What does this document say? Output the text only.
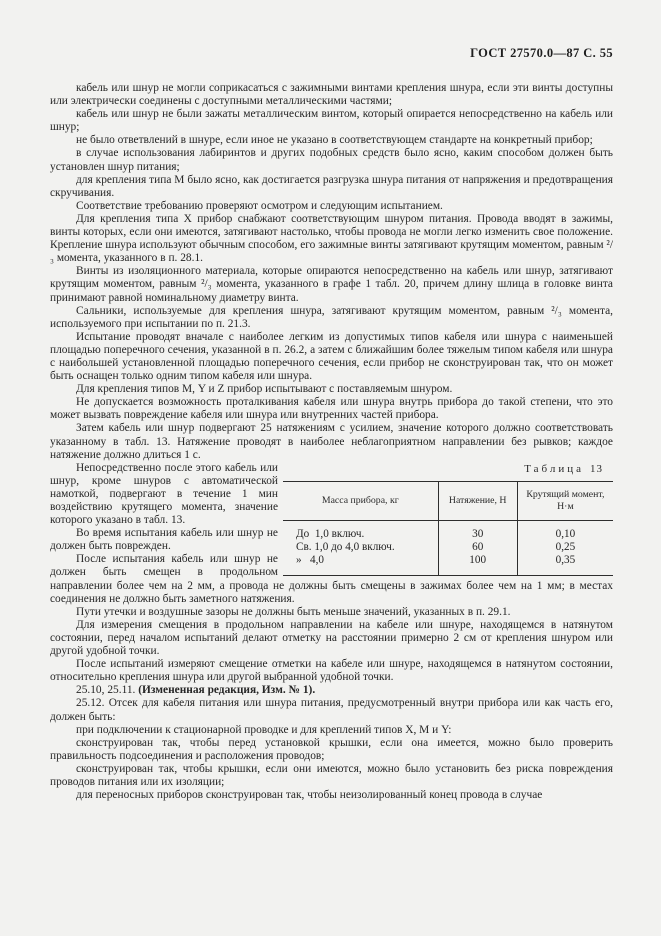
ГОСТ 27570.0—87 С. 55

кабель или шнур не могли соприкасаться с зажимными винтами крепления шнура, если эти винты доступны или электрически соединены с доступными металлическими частями;

кабель или шнур не были зажаты металлическим винтом, который опирается непосредственно на кабель или шнур;

не было ответвлений в шнуре, если иное не указано в соответствующем стандарте на конкретный прибор;

в случае использования лабиринтов и других подобных средств было ясно, каким способом должен быть установлен шнур питания;

для крепления типа М было ясно, как достигается разгрузка шнура питания от напряжения и предотвращения скручивания.

Соответствие требованию проверяют осмотром и следующим испытанием.

Для крепления типа X прибор снабжают соответствующим шнуром питания. Провода вводят в зажимы, винты которых, если они имеются, затягивают настолько, чтобы провода не могли легко изменить свое положение. Крепление шнура используют обычным способом, его зажимные винты затягивают крутящим моментом, равным ²/₃ момента, указанного в п. 28.1.

Винты из изоляционного материала, которые опираются непосредственно на кабель или шнур, затягивают крутящим моментом, равным ²/₃ момента, указанного в графе 1 табл. 20, причем длину шлица в головке винта принимают равной номинальному диаметру винта.

Сальники, используемые для крепления шнура, затягивают крутящим моментом, равным ²/₃ момента, используемого при испытании по п. 21.3.

Испытание проводят вначале с наиболее легким из допустимых типов кабеля или шнура с наименьшей площадью поперечного сечения, указанной в п. 26.2, а затем с ближайшим более тяжелым типом кабеля или шнура с наибольшей установленной площадью поперечного сечения, если прибор не сконструирован так, что он может быть оснащен только одним типом кабеля или шнура.

Для крепления типов М, Y и Z прибор испытывают с поставляемым шнуром.

Не допускается возможность проталкивания кабеля или шнура внутрь прибора до такой степени, что это может вызвать повреждение кабеля или шнура или внутренних частей прибора.

Затем кабель или шнур подвергают 25 натяжениям с усилием, значение которого должно соответствовать указанному в табл. 13. Натяжение проводят в наиболее неблагоприятном направлении без рывков; каждое натяжение должно длиться 1 с.

Таблица 13
Масса прибора, кг	Натяжение, Н	Крутящий момент, Н·м
До  1,0 включ.	30	0,10
Св. 1,0 до 4,0 включ.	60	0,25
»   4,0	100	0,35

Непосредственно после этого кабель или шнур, кроме шнуров с автоматической намоткой, подвергают в течение 1 мин воздействию крутящего момента, значение которого указано в табл. 13.

Во время испытания кабель или шнур не должен быть поврежден.

После испытания кабель или шнур не должен быть смещен в продольном направлении более чем на 2 мм, а провода не должны быть смещены в зажимах более чем на 1 мм; в местах соединения не должно быть заметного натяжения.

Пути утечки и воздушные зазоры не должны быть меньше значений, указанных в п. 29.1.

Для измерения смещения в продольном направлении на кабеле или шнуре, находящемся в натянутом состоянии, перед началом испытаний делают отметку на расстоянии примерно 2 см от крепления шнуром или другой удобной точки.

После испытаний измеряют смещение отметки на кабеле или шнуре, находящемся в натянутом состоянии, относительно крепления шнура или другой выбранной удобной точки.

25.10, 25.11. (Измененная редакция, Изм. № 1).

25.12. Отсек для кабеля питания или шнура питания, предусмотренный внутри прибора или как часть его, должен быть:

при подключении к стационарной проводке и для креплений типов X, М и Y:

сконструирован так, чтобы перед установкой крышки, если она имеется, можно было проверить правильность подсоединения и расположения проводов;

сконструирован так, чтобы крышки, если они имеются, можно было установить без риска повреждения проводов питания или их изоляции;

для переносных приборов сконструирован так, чтобы неизолированный конец провода в случае
